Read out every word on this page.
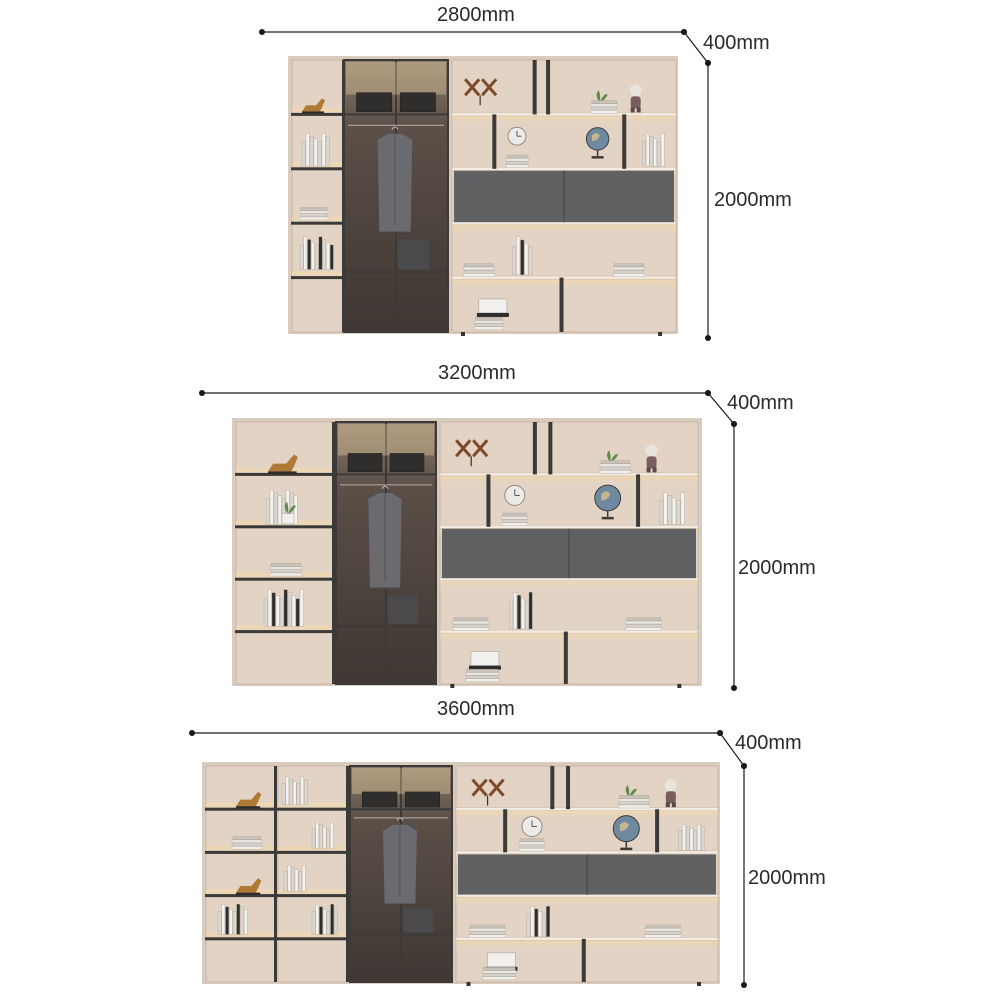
2800mm
400mm
2000mm
3200mm
400mm
2000mm
3600mm
400mm
2000mm
